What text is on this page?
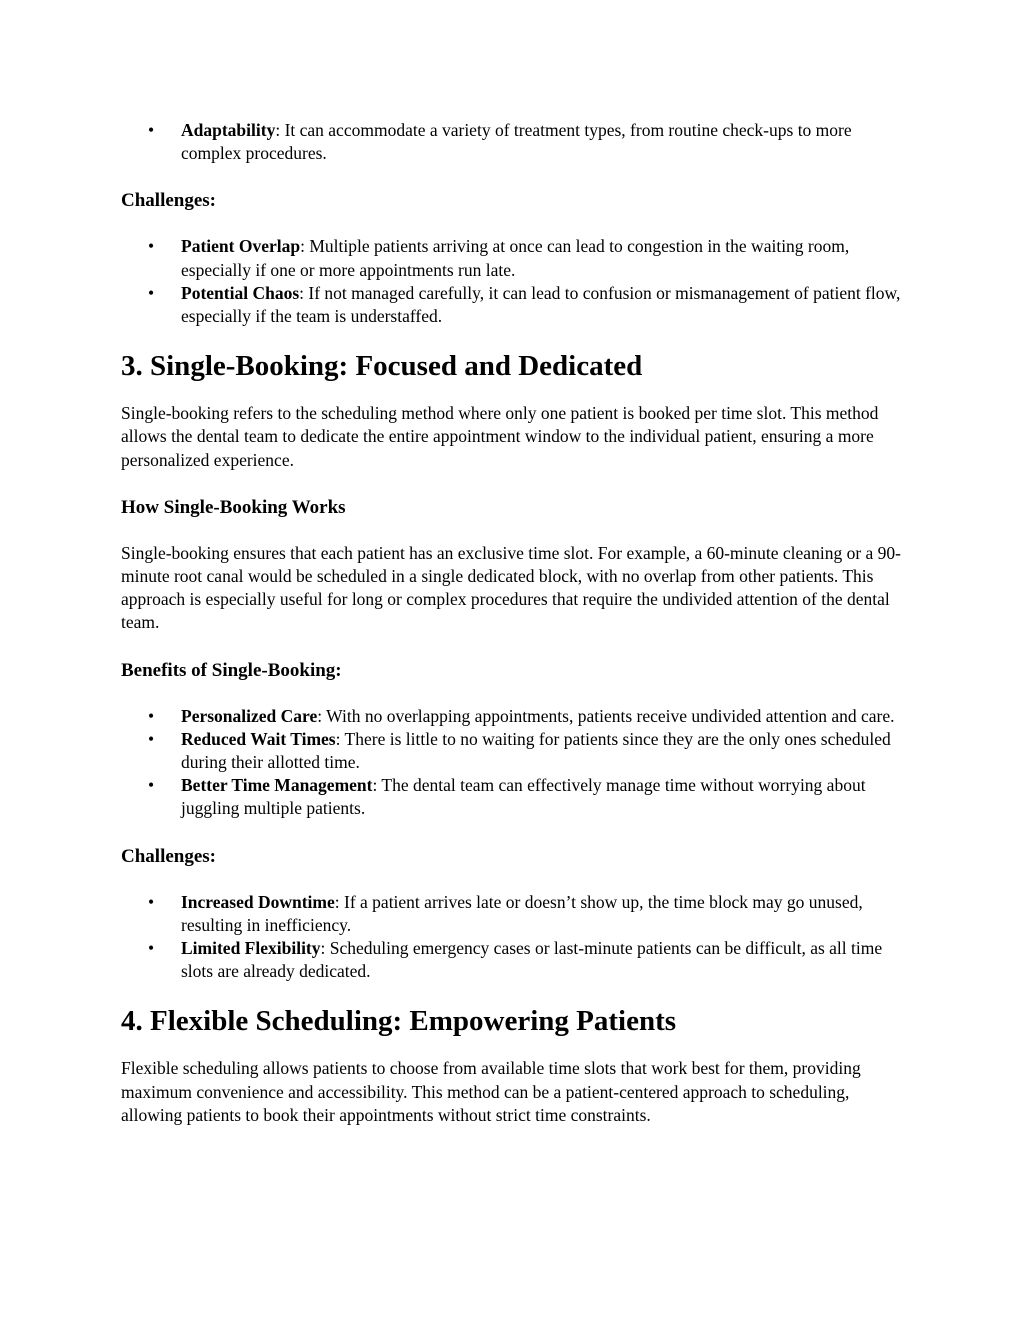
• Adaptability: It can accommodate a variety of treatment types, from routine check-ups to more complex procedures.
Challenges:
• Patient Overlap: Multiple patients arriving at once can lead to congestion in the waiting room, especially if one or more appointments run late.
• Potential Chaos: If not managed carefully, it can lead to confusion or mismanagement of patient flow, especially if the team is understaffed.
3. Single-Booking: Focused and Dedicated

Single-booking refers to the scheduling method where only one patient is booked per time slot. This method allows the dental team to dedicate the entire appointment window to the individual patient, ensuring a more personalized experience.

How Single-Booking Works

Single-booking ensures that each patient has an exclusive time slot. For example, a 60-minute cleaning or a 90-minute root canal would be scheduled in a single dedicated block, with no overlap from other patients. This approach is especially useful for long or complex procedures that require the undivided attention of the dental team.

Benefits of Single-Booking:
• Personalized Care: With no overlapping appointments, patients receive undivided attention and care.
• Reduced Wait Times: There is little to no waiting for patients since they are the only ones scheduled during their allotted time.
• Better Time Management: The dental team can effectively manage time without worrying about juggling multiple patients.
Challenges:
• Increased Downtime: If a patient arrives late or doesn’t show up, the time block may go unused, resulting in inefficiency.
• Limited Flexibility: Scheduling emergency cases or last-minute patients can be difficult, as all time slots are already dedicated.
4. Flexible Scheduling: Empowering Patients

Flexible scheduling allows patients to choose from available time slots that work best for them, providing maximum convenience and accessibility. This method can be a patient-centered approach to scheduling, allowing patients to book their appointments without strict time constraints.
